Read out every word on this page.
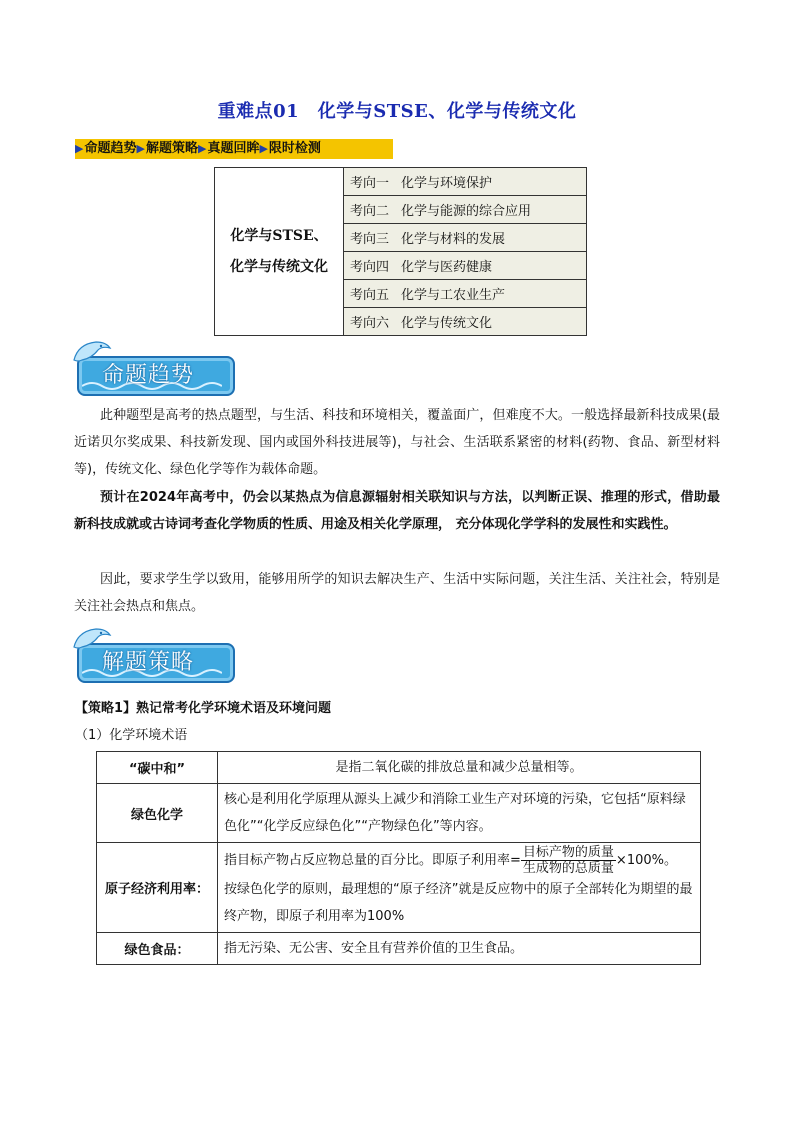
重难点01　化学与STSE、化学与传统文化
▶命题趋势▶解题策略▶真题回眸▶限时检测
化学与STSE、
化学与传统文化
	考向一 化学与环境保护
考向二 化学与能源的综合应用
考向三 化学与材料的发展
考向四 化学与医药健康
考向五 化学与工农业生产
考向六 化学与传统文化
命题趋势

此种题型是高考的热点题型，与生活、科技和环境相关，覆盖面广，但难度不大。一般选择最新科技成果(最近诺贝尔奖成果、科技新发现、国内或国外科技进展等)，与社会、生活联系紧密的材料(药物、食品、新型材料等)，传统文化、绿色化学等作为载体命题。

预计在2024年高考中，仍会以某热点为信息源辐射相关联知识与方法，以判断正误、推理的形式，借助最新科技成就或古诗词考查化学物质的性质、用途及相关化学原理， 充分体现化学学科的发展性和实践性。

因此，要求学生学以致用，能够用所学的知识去解决生产、生活中实际问题，关注生活、关注社会，特别是关注社会热点和焦点。

解题策略
【策略1】熟记常考化学环境术语及环境问题
（1）化学环境术语
“碳中和”	是指二氧化碳的排放总量和减少总量相等。
绿色化学	核心是利用化学原理从源头上减少和消除工业生产对环境的污染，它包括“原料绿色化”“化学反应绿色化”“产物绿色化”等内容。
原子经济利用率：	指目标产物占反应物总量的百分比。即原子利用率= $\frac{\text{目标产物的质量}}{\text{生成物的总质量}} \times 100\%$。
按绿色化学的原则，最理想的“原子经济”就是反应物中的原子全部转化为期望的最终产物，即原子利用率为100%

绿色食品：	指无污染、无公害、安全且有营养价值的卫生食品。
